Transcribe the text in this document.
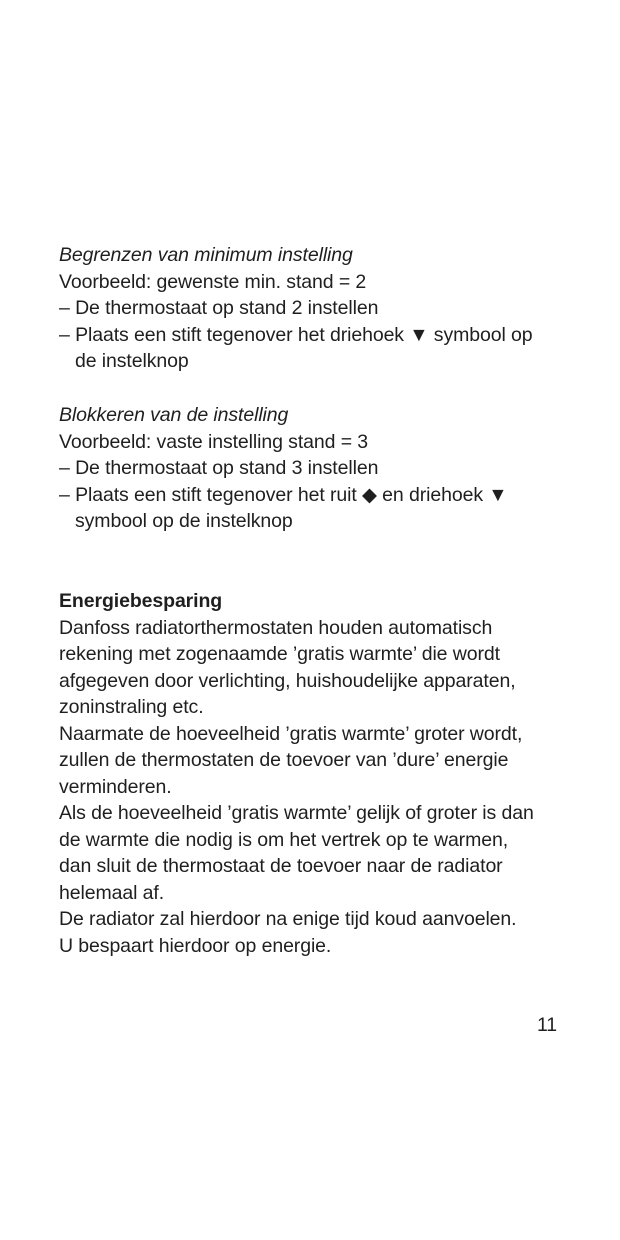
Begrenzen van minimum instelling
Voorbeeld: gewenste min. stand = 2
– De thermostaat op stand 2 instellen
– Plaats een stift tegenover het driehoek ▼ symbool op
de instelknop
Blokkeren van de instelling
Voorbeeld: vaste instelling stand = 3
– De thermostaat op stand 3 instellen
– Plaats een stift tegenover het ruit ◆ en driehoek ▼
symbool op de instelknop
Energiebesparing
Danfoss radiatorthermostaten houden automatisch
rekening met zogenaamde ’gratis warmte’ die wordt
afgegeven door verlichting, huishoudelijke apparaten,
zoninstraling etc.
Naarmate de hoeveelheid ’gratis warmte’ groter wordt,
zullen de thermostaten de toevoer van ’dure’ energie
verminderen.
Als de hoeveelheid ’gratis warmte’ gelijk of groter is dan
de warmte die nodig is om het vertrek op te warmen,
dan sluit de thermostaat de toevoer naar de radiator
helemaal af.
De radiator zal hierdoor na enige tijd koud aanvoelen.
U bespaart hierdoor op energie.
11
